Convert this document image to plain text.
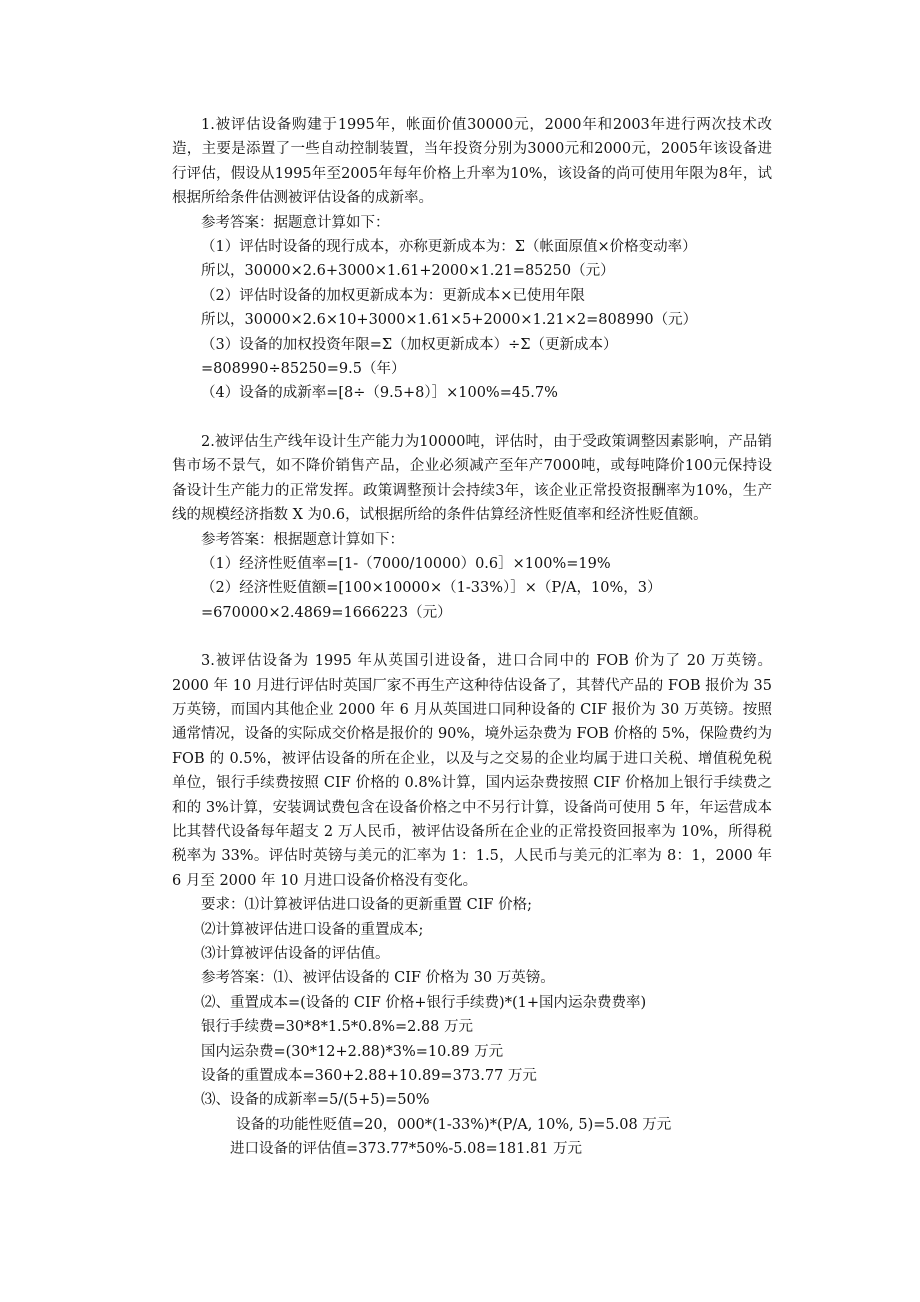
1.被评估设备购建于1995年，帐面价值30000元，2000年和2003年进行两次技术改造，主要是添置了一些自动控制装置，当年投资分别为3000元和2000元，2005年该设备进行评估，假设从1995年至2005年每年价格上升率为10%，该设备的尚可使用年限为8年，试根据所给条件估测被评估设备的成新率。

参考答案：据题意计算如下：

（1）评估时设备的现行成本，亦称更新成本为：Σ（帐面原值×价格变动率）

所以，30000×2.6+3000×1.61+2000×1.21=85250（元）

（2）评估时设备的加权更新成本为：更新成本×已使用年限

所以，30000×2.6×10+3000×1.61×5+2000×1.21×2=808990（元）

（3）设备的加权投资年限=Σ（加权更新成本）÷Σ（更新成本）

=808990÷85250=9.5（年）

（4）设备的成新率=[8÷（9.5+8）］×100%=45.7%

2.被评估生产线年设计生产能力为10000吨，评估时，由于受政策调整因素影响，产品销售市场不景气，如不降价销售产品，企业必须减产至年产7000吨，或每吨降价100元保持设备设计生产能力的正常发挥。政策调整预计会持续3年，该企业正常投资报酬率为10%，生产线的规模经济指数 X 为0.6，试根据所给的条件估算经济性贬值率和经济性贬值额。

参考答案：根据题意计算如下：

（1）经济性贬值率=[1-（7000/10000）0.6］×100%=19%

（2）经济性贬值额=[100×10000×（1-33%）］×（P/A，10%，3）

=670000×2.4869=1666223（元）

3.被评估设备为 1995 年从英国引进设备，进口合同中的 FOB 价为了 20 万英镑。2000 年 10 月进行评估时英国厂家不再生产这种待估设备了，其替代产品的 FOB 报价为 35 万英镑，而国内其他企业 2000 年 6 月从英国进口同种设备的 CIF 报价为 30 万英镑。按照通常情况，设备的实际成交价格是报价的 90%，境外运杂费为 FOB 价格的 5%，保险费约为 FOB 的 0.5%，被评估设备的所在企业，以及与之交易的企业均属于进口关税、增值税免税单位，银行手续费按照 CIF 价格的 0.8%计算，国内运杂费按照 CIF 价格加上银行手续费之和的 3%计算，安装调试费包含在设备价格之中不另行计算，设备尚可使用 5 年，年运营成本比其替代设备每年超支 2 万人民币，被评估设备所在企业的正常投资回报率为 10%，所得税税率为 33%。评估时英镑与美元的汇率为 1：1.5，人民币与美元的汇率为 8：1，2000 年 6 月至 2000 年 10 月进口设备价格没有变化。

要求：⑴计算被评估进口设备的更新重置 CIF 价格;

⑵计算被评估进口设备的重置成本;

⑶计算被评估设备的评估值。

参考答案：⑴、被评估设备的 CIF 价格为 30 万英镑。

⑵、重置成本=(设备的 CIF 价格+银行手续费)*(1+国内运杂费费率)

银行手续费=30*8*1.5*0.8%=2.88 万元

国内运杂费=(30*12+2.88)*3%=10.89 万元

设备的重置成本=360+2.88+10.89=373.77 万元

⑶、设备的成新率=5/(5+5)=50%

设备的功能性贬值=20，000*(1-33%)*(P/A, 10%, 5)=5.08 万元

进口设备的评估值=373.77*50%-5.08=181.81 万元
